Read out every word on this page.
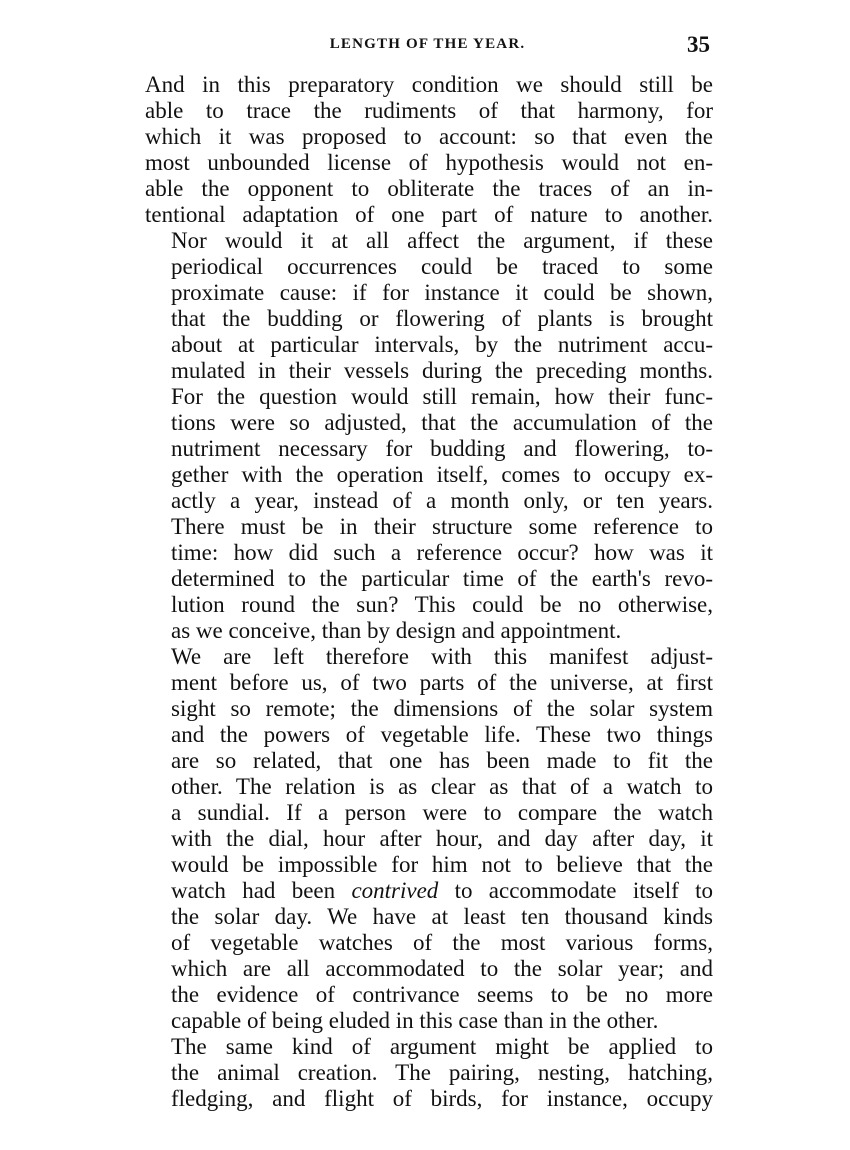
LENGTH OF THE YEAR.	35

And in this preparatory condition we should still be
able to trace the rudiments of that harmony, for
which it was proposed to account: so that even the
most unbounded license of hypothesis would not en-
able the opponent to obliterate the traces of an in-
tentional adaptation of one part of nature to another.

Nor would it at all affect the argument, if these
periodical occurrences could be traced to some
proximate cause: if for instance it could be shown,
that the budding or flowering of plants is brought
about at particular intervals, by the nutriment accu-
mulated in their vessels during the preceding months.
For the question would still remain, how their func-
tions were so adjusted, that the accumulation of the
nutriment necessary for budding and flowering, to-
gether with the operation itself, comes to occupy ex-
actly a year, instead of a month only, or ten years.
There must be in their structure some reference to
time: how did such a reference occur? how was it
determined to the particular time of the earth's revo-
lution round the sun? This could be no otherwise,
as we conceive, than by design and appointment.

We are left therefore with this manifest adjust-
ment before us, of two parts of the universe, at first
sight so remote; the dimensions of the solar system
and the powers of vegetable life. These two things
are so related, that one has been made to fit the
other. The relation is as clear as that of a watch to
a sundial. If a person were to compare the watch
with the dial, hour after hour, and day after day, it
would be impossible for him not to believe that the
watch had been contrived to accommodate itself to
the solar day. We have at least ten thousand kinds
of vegetable watches of the most various forms,
which are all accommodated to the solar year; and
the evidence of contrivance seems to be no more
capable of being eluded in this case than in the other.

The same kind of argument might be applied to
the animal creation. The pairing, nesting, hatching,
fledging, and flight of birds, for instance, occupy
